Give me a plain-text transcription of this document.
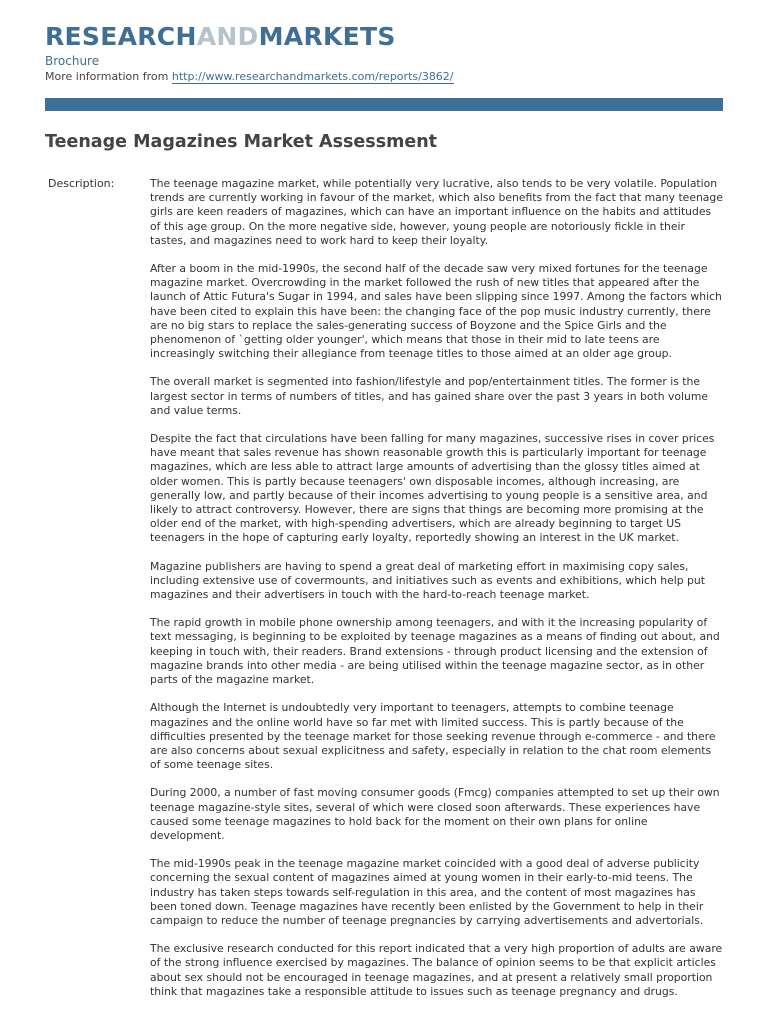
RESEARCHANDMARKETS
Brochure
More information from http://www.researchandmarkets.com/reports/3862/
Teenage Magazines Market Assessment
Description:	The teenage magazine market, while potentially very lucrative, also tends to be very volatile. Population trends are currently working in favour of the market, which also benefits from the fact that many teenage girls are keen readers of magazines, which can have an important influence on the habits and attitudes of this age group. On the more negative side, however, young people are notoriously fickle in their tastes, and magazines need to work hard to keep their loyalty.

After a boom in the mid-1990s, the second half of the decade saw very mixed fortunes for the teenage magazine market. Overcrowding in the market followed the rush of new titles that appeared after the launch of Attic Futura's Sugar in 1994, and sales have been slipping since 1997. Among the factors which have been cited to explain this have been: the changing face of the pop music industry currently, there are no big stars to replace the sales-generating success of Boyzone and the Spice Girls and the phenomenon of `getting older younger', which means that those in their mid to late teens are increasingly switching their allegiance from teenage titles to those aimed at an older age group.

The overall market is segmented into fashion/lifestyle and pop/entertainment titles. The former is the largest sector in terms of numbers of titles, and has gained share over the past 3 years in both volume and value terms.

Despite the fact that circulations have been falling for many magazines, successive rises in cover prices have meant that sales revenue has shown reasonable growth this is particularly important for teenage magazines, which are less able to attract large amounts of advertising than the glossy titles aimed at older women. This is partly because teenagers' own disposable incomes, although increasing, are generally low, and partly because of their incomes advertising to young people is a sensitive area, and likely to attract controversy. However, there are signs that things are becoming more promising at the older end of the market, with high-spending advertisers, which are already beginning to target US teenagers in the hope of capturing early loyalty, reportedly showing an interest in the UK market.

Magazine publishers are having to spend a great deal of marketing effort in maximising copy sales, including extensive use of covermounts, and initiatives such as events and exhibitions, which help put magazines and their advertisers in touch with the hard-to-reach teenage market.

The rapid growth in mobile phone ownership among teenagers, and with it the increasing popularity of text messaging, is beginning to be exploited by teenage magazines as a means of finding out about, and keeping in touch with, their readers. Brand extensions - through product licensing and the extension of magazine brands into other media - are being utilised within the teenage magazine sector, as in other parts of the magazine market.

Although the Internet is undoubtedly very important to teenagers, attempts to combine teenage magazines and the online world have so far met with limited success. This is partly because of the difficulties presented by the teenage market for those seeking revenue through e-commerce - and there are also concerns about sexual explicitness and safety, especially in relation to the chat room elements of some teenage sites.

During 2000, a number of fast moving consumer goods (Fmcg) companies attempted to set up their own teenage magazine-style sites, several of which were closed soon afterwards. These experiences have caused some teenage magazines to hold back for the moment on their own plans for online development.

The mid-1990s peak in the teenage magazine market coincided with a good deal of adverse publicity concerning the sexual content of magazines aimed at young women in their early-to-mid teens. The industry has taken steps towards self-regulation in this area, and the content of most magazines has been toned down. Teenage magazines have recently been enlisted by the Government to help in their campaign to reduce the number of teenage pregnancies by carrying advertisements and advertorials.

The exclusive research conducted for this report indicated that a very high proportion of adults are aware of the strong influence exercised by magazines. The balance of opinion seems to be that explicit articles about sex should not be encouraged in teenage magazines, and at present a relatively small proportion think that magazines take a responsible attitude to issues such as teenage pregnancy and drugs.
